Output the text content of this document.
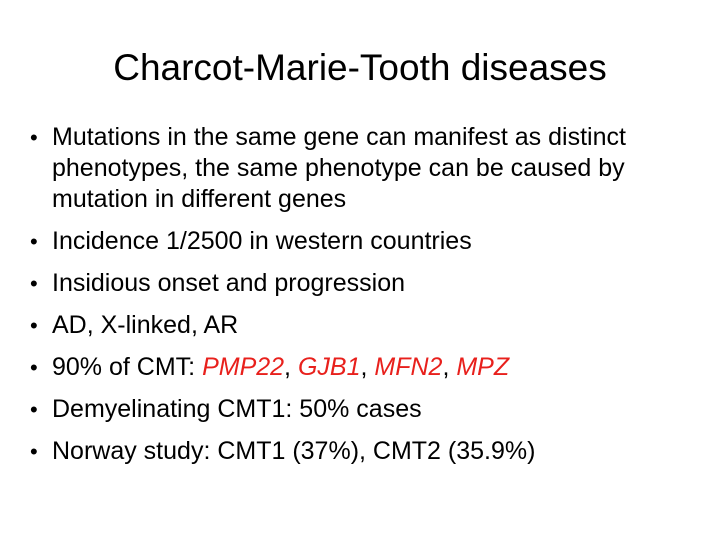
Charcot-Marie-Tooth diseases
• Mutations in the same gene can manifest as distinct phenotypes, the same phenotype can be caused by mutation in different genes
• Incidence 1/2500 in western countries
• Insidious onset and progression
• AD, X-linked, AR
• 90% of CMT: PMP22, GJB1, MFN2, MPZ
• Demyelinating CMT1: 50% cases
• Norway study: CMT1 (37%), CMT2 (35.9%)
